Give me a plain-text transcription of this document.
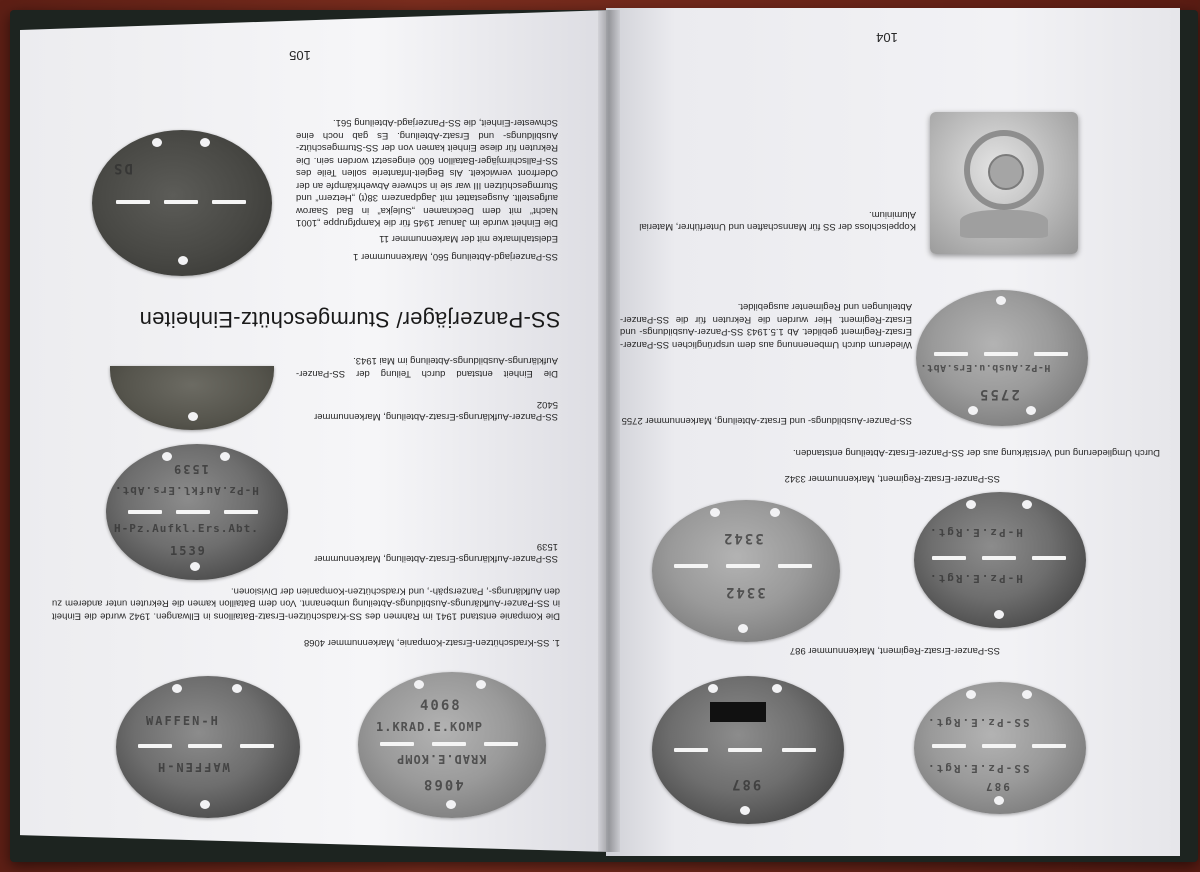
105
Edelstahlmarke mit der Markennummer 11
Die Einheit wurde im Januar 1945 für die Kampfgruppe „1001 Nacht“ mit dem Decknamen „Sulejka“ in Bad Saarow aufgestellt. Ausgestattet mit Jagdpanzern 38(t) „Hetzern“ und Sturmgeschützen III war sie in schwere Abwehrkämpfe an der Oderfront verwickelt. Als Begleit-Infanterie sollen Teile des SS-Fallschirmjäger-Bataillon 600 eingesetzt worden sein. Die Rekruten für diese Einheit kamen von der SS-Sturmgeschütz-Ausbildungs- und Ersatz-Abteilung. Es gab noch eine Schwester-Einheit, die SS-Panzerjagd-Abteilung 561.
SS-Panzerjagd-Abteilung 560, Markennummer 1
SS-Panzerjäger/ Sturmgeschütz-Einheiten
Die Einheit entstand durch Teilung der SS-Panzer-Aufklärungs-Ausbildungs-Abteilung im Mai 1943.
SS-Panzer-Aufklärungs-Ersatz-Abteilung, Markennummer 5402
SS-Panzer-Aufklärungs-Ersatz-Abteilung, Markennummer 1539
Die Kompanie entstand 1941 im Rahmen des SS-Kradschützen-Ersatz-Bataillons in Ellwangen. 1942 wurde die Einheit in SS-Panzer-Aufklärungs-Ausbildungs-Abteilung umbenannt. Von dem Bataillon kamen die Rekruten unter anderem zu den Aufklärungs-, Panzerspäh-, und Kradschützen-Kompanien der Divisionen.
1. SS-Kradschützen-Ersatz-Kompanie, Markennummer 4068
DS
1539
H-Pz.Aufkl.Ers.Abt.
H-Pz.Aufkl.Ers.Abt.
1539
4068
1.KRAD.E.KOMP
KRAD.E.KOMP
4068
WAFFEN-H
WAFFEN-H
104
Koppelschloss der SS für Mannschaften und Unterführer, Material Aluminium.
Wiederum durch Umbenennung aus dem ursprünglichen SS-Panzer-Ersatz-Regiment gebildet. Ab 1.5.1943 SS-Panzer-Ausbildungs- und Ersatz-Regiment. Hier wurden die Rekruten für die SS-Panzer-Abteilungen und Regimenter ausgebildet.
SS-Panzer-Ausbildungs- und Ersatz-Abteilung, Markennummer 2755
Durch Umgliederung und Verstärkung aus der SS-Panzer-Ersatz-Abteilung entstanden.
SS-Panzer-Ersatz-Regiment, Markennummer 3342
SS-Panzer-Ersatz-Regiment, Markennummer 987
2755
H-Pz.Ausb.u.Ers.Abt.
3342
3342
H-Pz.E.Rgt.
H-Pz.E.Rgt.
987
SS-Pz.E.Rgt.
SS-Pz.E.Rgt.
987
